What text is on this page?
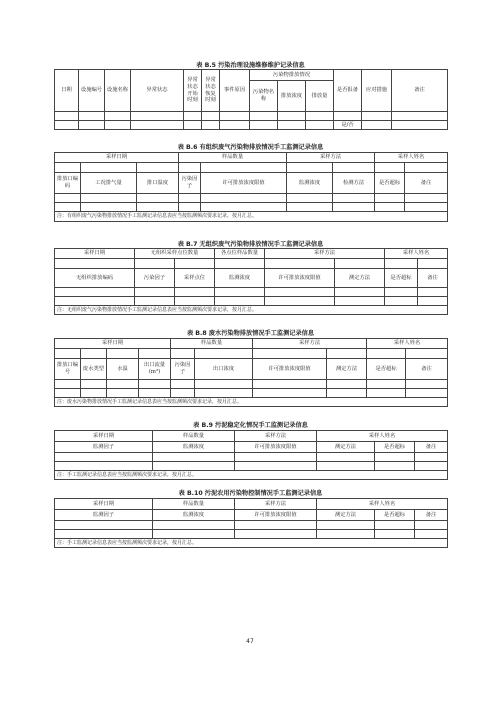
表 B.5 污染治理设施维修维护记录信息
日期	设施编号	设施名称	异常状态	异常状态开始时刻	异常状态恢复时刻	事件原因	污染物排放情况			是否报备	应对措施	备注
							污染物名称	排放浓度	排放量			

										是/否		
表 B.6 有组织废气污染物排放情况手工监测记录信息
采样日期			样品数量		采样方法		采样人姓名	

排放口编码	工况排气量	排口温度	污染因子	许可排放浓度限值	监测浓度	检测方法	是否超标	备注

注：有组织废气污染物排放情况手工监测记录信息表应当按监测频次要求记录，按月汇总。								
表 B.7 无组织废气污染物排放情况手工监测记录信息
采样日期	无组织采样点位数量		各点位样品数量	采样方法		采样人姓名	

无组织排放编码	污染因子	采样点位	监测浓度	许可排放浓度限值	测定方法	是否超标	备注

注：无组织废气污染物排放情况手工监测记录信息表应当按监测频次要求记录，按月汇总。							
表 B.8 废水污染物排放情况手工监测记录信息
采样日期				样品数量		采样方法		采样人姓名	

排放口编号	废水类型	水温	出口流量(m³)	污染因子	出口浓度	许可排放浓度限值	测定方法	是否超标	备注

注：废水污染物排放情况手工监测记录信息表应当按监测频次要求记录，按月汇总。									
表 B.9 污泥稳定化情况手工监测记录信息
采样日期	样品数量	采样方法	采样人姓名		
监测因子	监测浓度	许可排放浓度限值	测定方法	是否超标	备注

注：手工监测记录信息表应当按监测频次要求记录，按月汇总。					
表 B.10 污泥农用污染物控制情况手工监测记录信息
采样日期	样品数量	采样方法	采样人姓名		
监测因子	监测浓度	许可排放浓度限值	测定方法	是否超标	备注

注：手工监测记录信息表应当按监测频次要求记录，按月汇总。					
47
